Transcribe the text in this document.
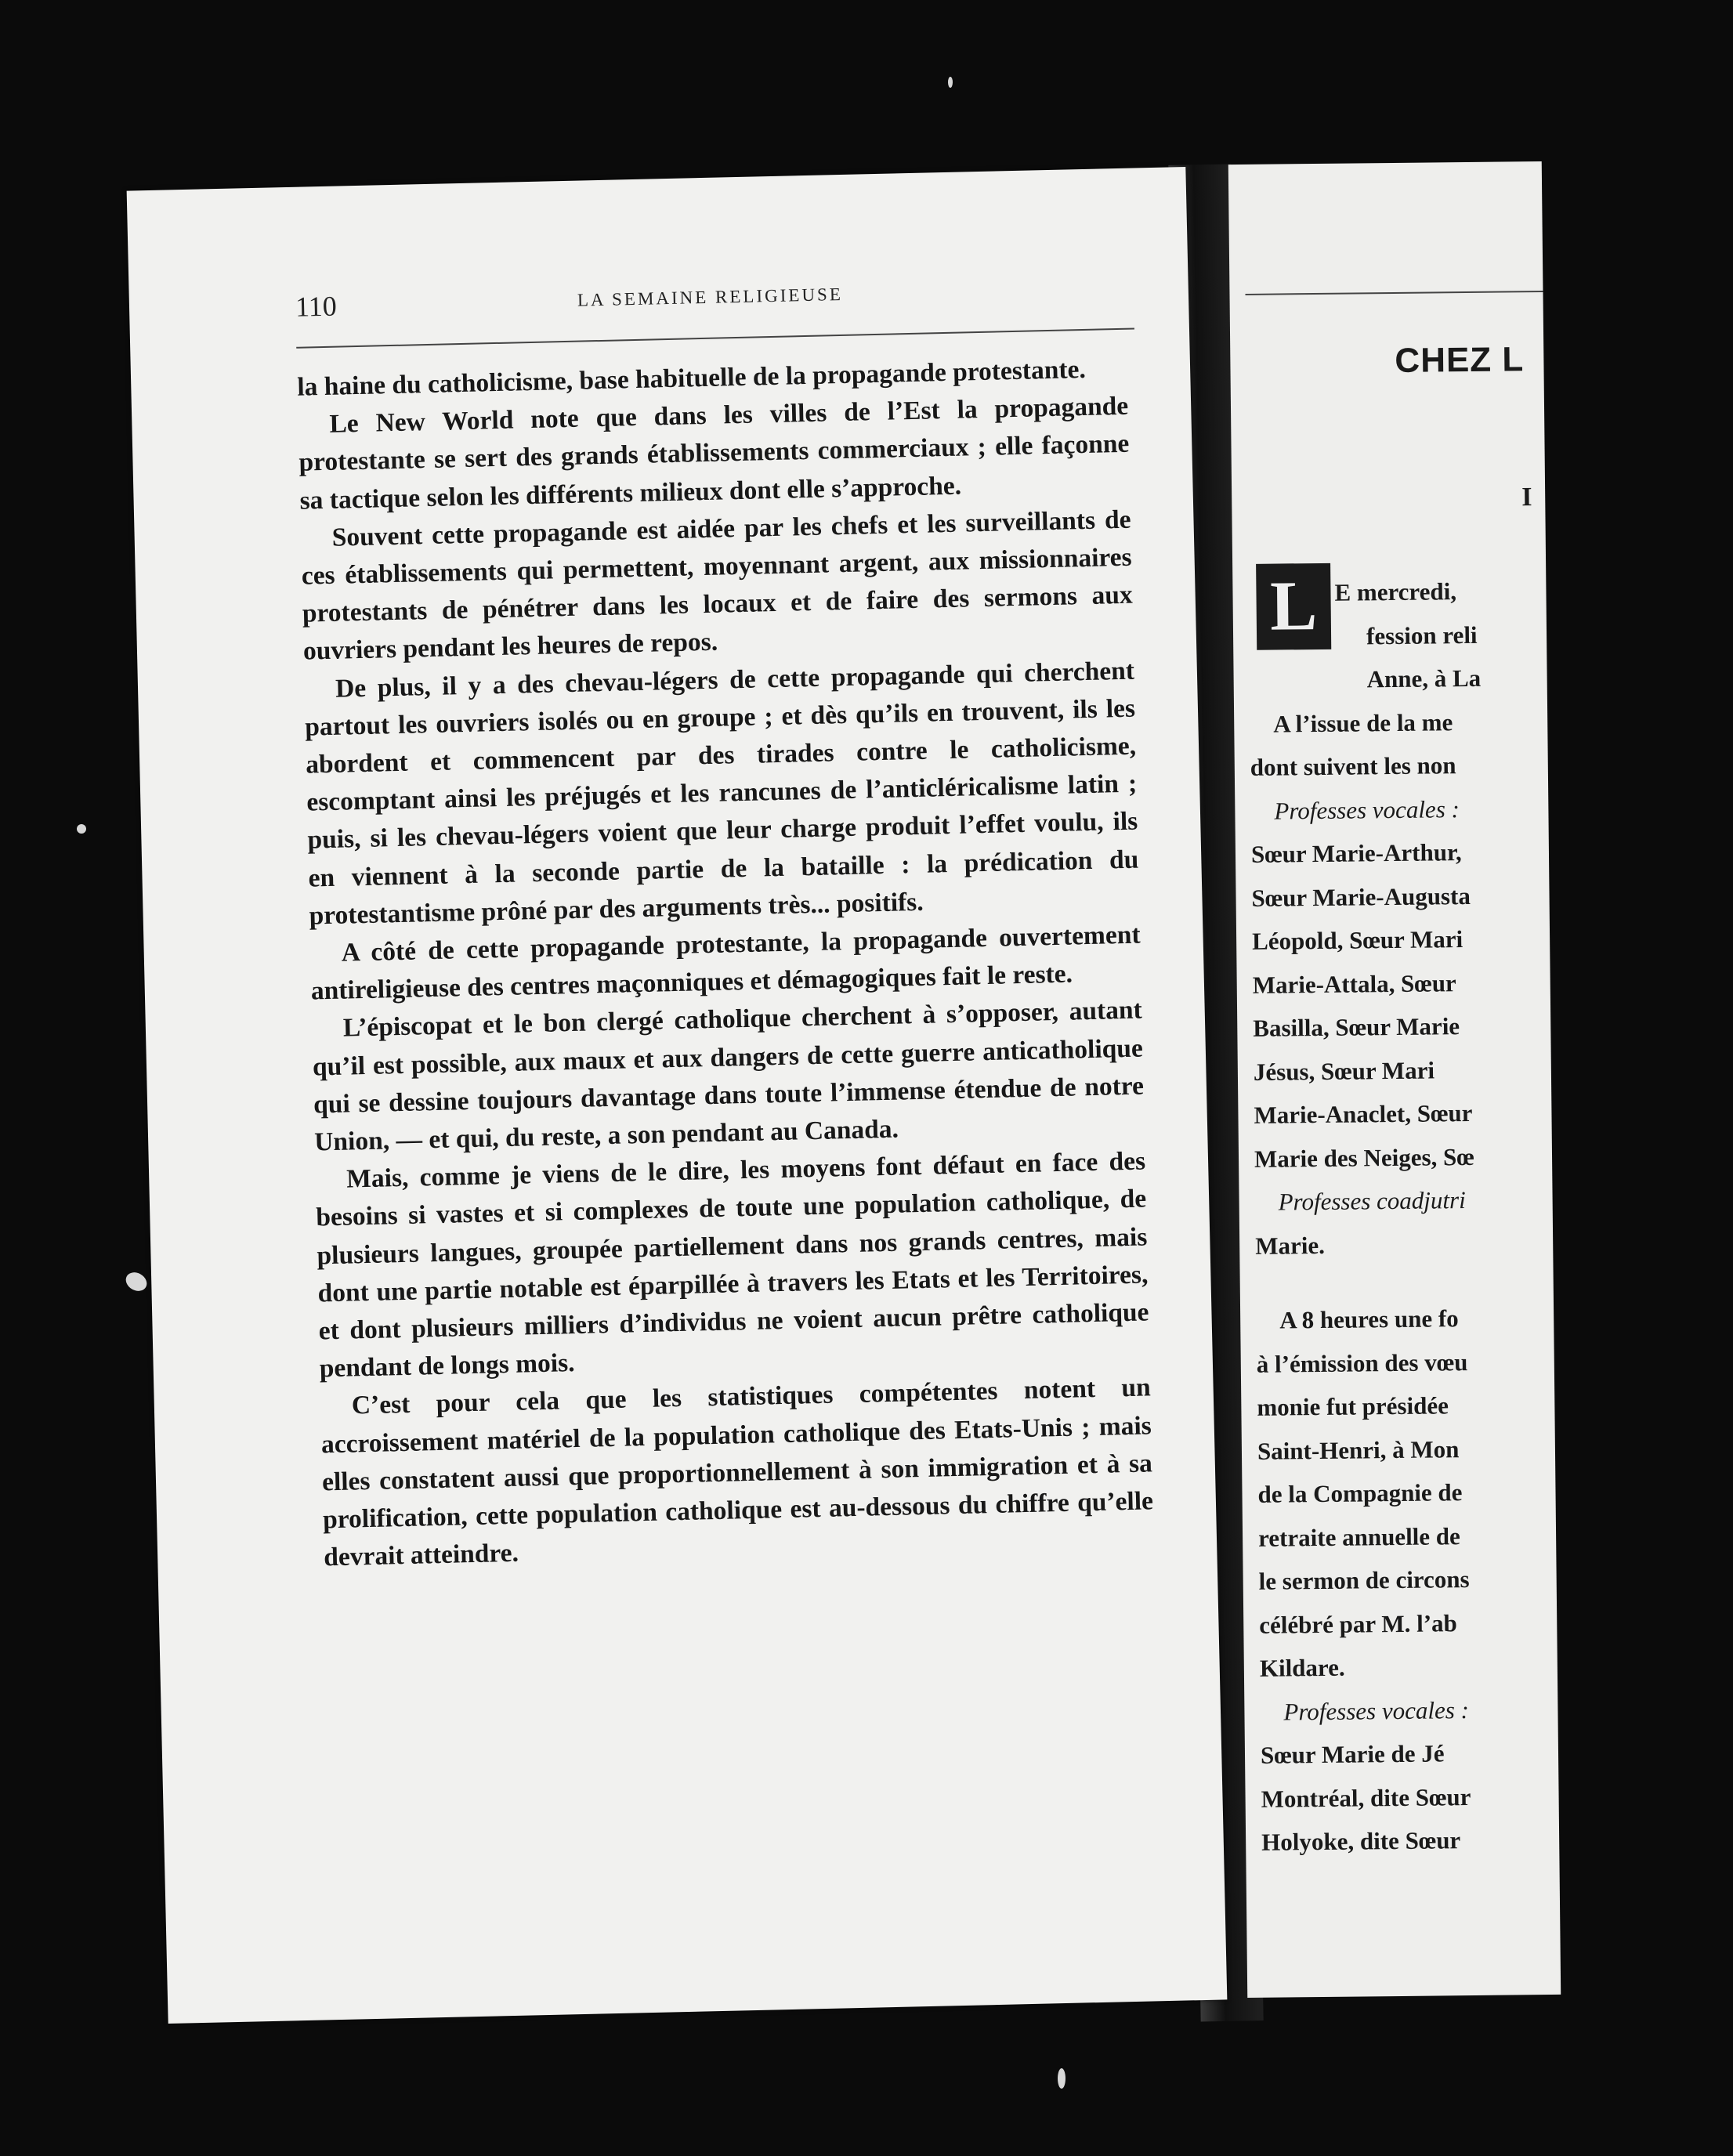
CHEZ L
I
L E mercredi,
fession reli
Anne, à La
A l’issue de la me
dont suivent les non
Professes vocales :
Sœur Marie-Arthur,
Sœur Marie-Augusta
Léopold, Sœur Mari
Marie-Attala, Sœur
Basilla, Sœur Marie
Jésus, Sœur Mari
Marie-Anaclet, Sœur
Marie des Neiges, Sœ
Professes coadjutri
Marie.
A 8 heures une fo
à l’émission des vœu
monie fut présidée
Saint-Henri, à Mon
de la Compagnie de
retraite annuelle de
le sermon de circons
célébré par M. l’ab
Kildare.
Professes vocales :
Sœur Marie de Jé
Montréal, dite Sœur
Holyoke, dite Sœur
110	LA SEMAINE RELIGIEUSE

la haine du catholicisme, base habituelle de la propagande protestante.

Le New World note que dans les villes de l’Est la propagande protestante se sert des grands établissements commerciaux ; elle façonne sa tactique selon les différents milieux dont elle s’approche.

Souvent cette propagande est aidée par les chefs et les surveillants de ces établissements qui permettent, moyennant argent, aux missionnaires protestants de pénétrer dans les locaux et de faire des sermons aux ouvriers pendant les heures de repos.

De plus, il y a des chevau-légers de cette propagande qui cherchent partout les ouvriers isolés ou en groupe ; et dès qu’ils en trouvent, ils les abordent et commencent par des tirades contre le catholicisme, escomptant ainsi les préjugés et les rancunes de l’anticléricalisme latin ; puis, si les chevau-légers voient que leur charge produit l’effet voulu, ils en viennent à la seconde partie de la bataille : la prédication du protestantisme prôné par des arguments très... positifs.

A côté de cette propagande protestante, la propagande ouvertement antireligieuse des centres maçonniques et démagogiques fait le reste.

L’épiscopat et le bon clergé catholique cherchent à s’opposer, autant qu’il est possible, aux maux et aux dangers de cette guerre anticatholique qui se dessine toujours davantage dans toute l’immense étendue de notre Union, — et qui, du reste, a son pendant au Canada.

Mais, comme je viens de le dire, les moyens font défaut en face des besoins si vastes et si complexes de toute une population catholique, de plusieurs langues, groupée partiellement dans nos grands centres, mais dont une partie notable est éparpillée à travers les Etats et les Territoires, et dont plusieurs milliers d’individus ne voient aucun prêtre catholique pendant de longs mois.

C’est pour cela que les statistiques compétentes notent un accroissement matériel de la population catholique des Etats-Unis ; mais elles constatent aussi que proportionnellement à son immigration et à sa prolification, cette population catholique est au-dessous du chiffre qu’elle devrait atteindre.
